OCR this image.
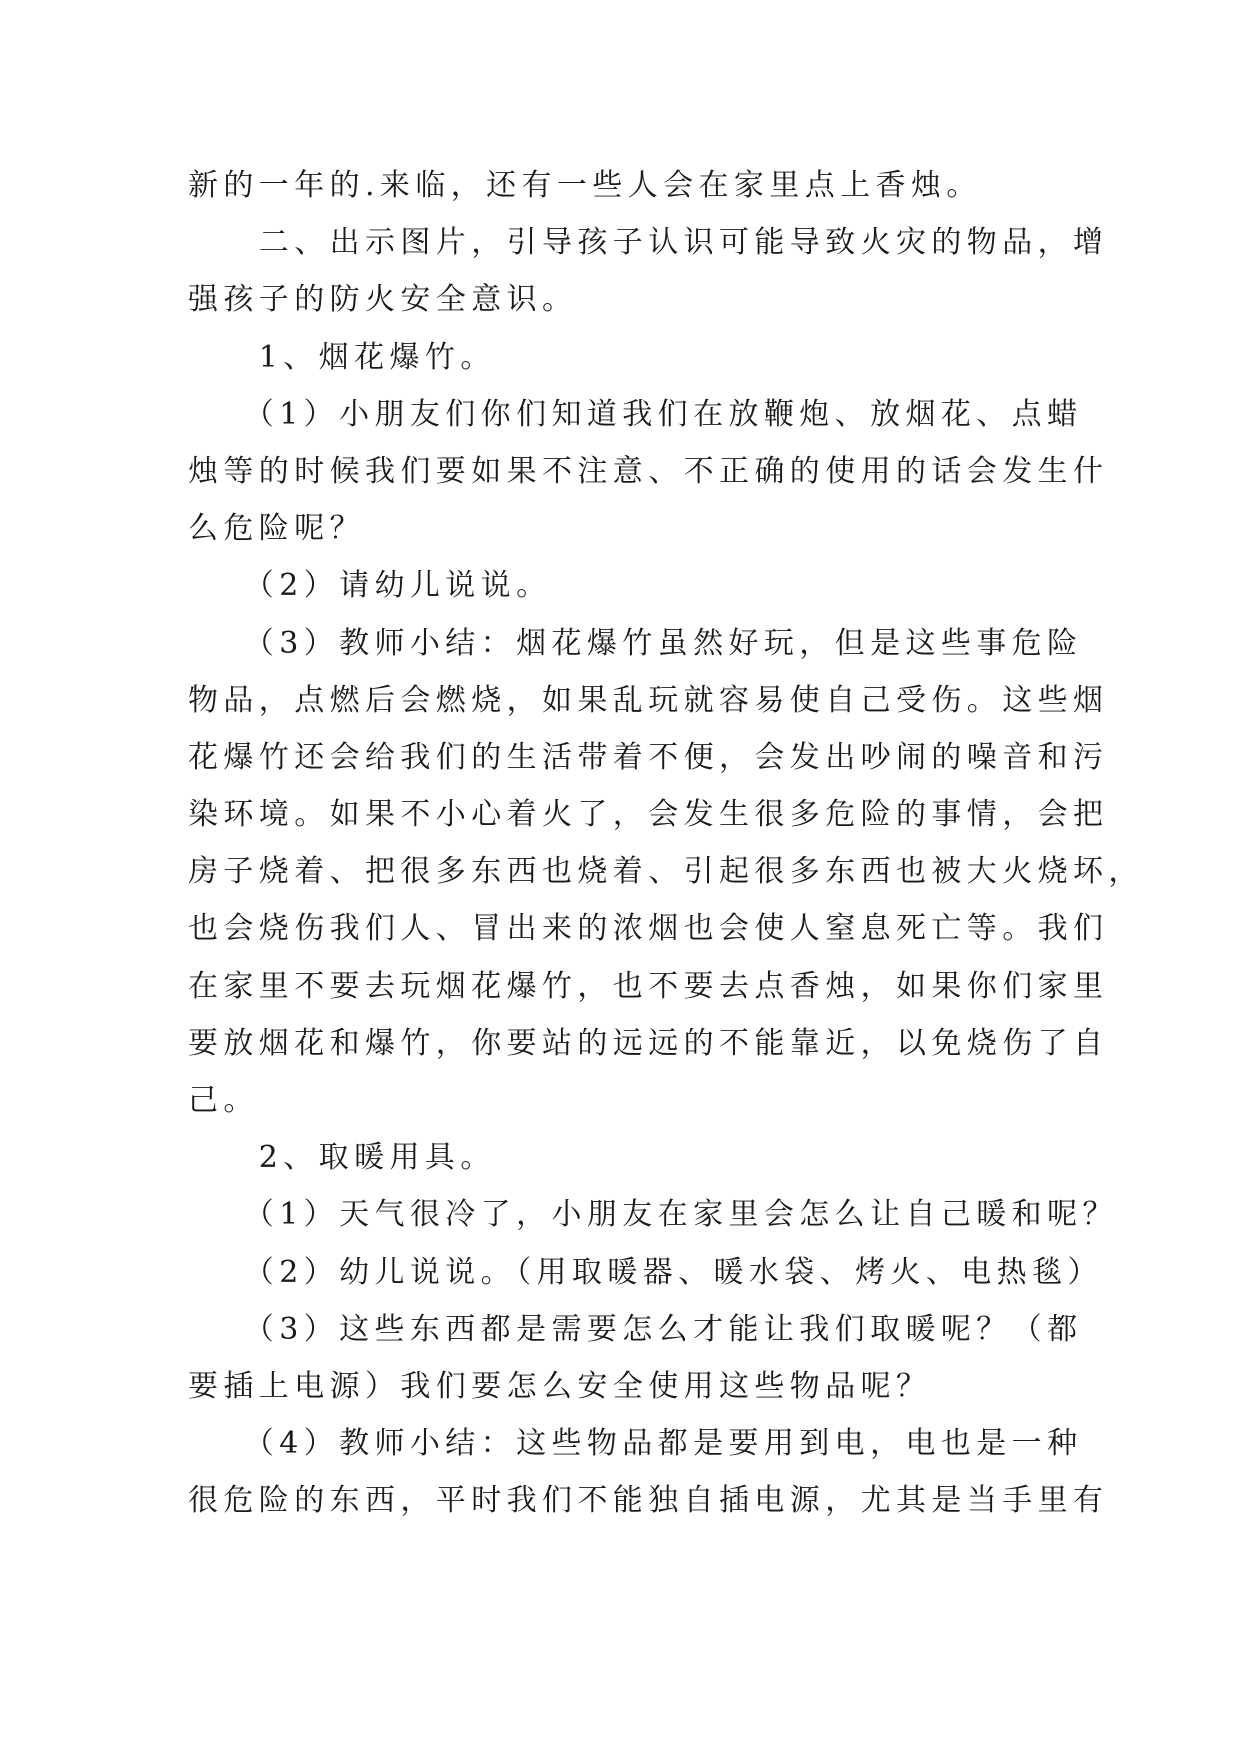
新的一年的.来临，还有一些人会在家里点上香烛。
　　二、出示图片，引导孩子认识可能导致火灾的物品，增
强孩子的防火安全意识。
　　1、烟花爆竹。
　　（1）小朋友们你们知道我们在放鞭炮、放烟花、点蜡
烛等的时候我们要如果不注意、不正确的使用的话会发生什
么危险呢？
　　（2）请幼儿说说。
　　（3）教师小结：烟花爆竹虽然好玩，但是这些事危险
物品，点燃后会燃烧，如果乱玩就容易使自己受伤。这些烟
花爆竹还会给我们的生活带着不便，会发出吵闹的噪音和污
染环境。如果不小心着火了，会发生很多危险的事情，会把
房子烧着、把很多东西也烧着、引起很多东西也被大火烧坏，
也会烧伤我们人、冒出来的浓烟也会使人窒息死亡等。我们
在家里不要去玩烟花爆竹，也不要去点香烛，如果你们家里
要放烟花和爆竹，你要站的远远的不能靠近，以免烧伤了自
己。
　　2、取暖用具。
　　（1）天气很冷了，小朋友在家里会怎么让自己暖和呢？
　　（2）幼儿说说。（用取暖器、暖水袋、烤火、电热毯）
　　（3）这些东西都是需要怎么才能让我们取暖呢？（都
要插上电源）我们要怎么安全使用这些物品呢？
　　（4）教师小结：这些物品都是要用到电，电也是一种
很危险的东西，平时我们不能独自插电源，尤其是当手里有
